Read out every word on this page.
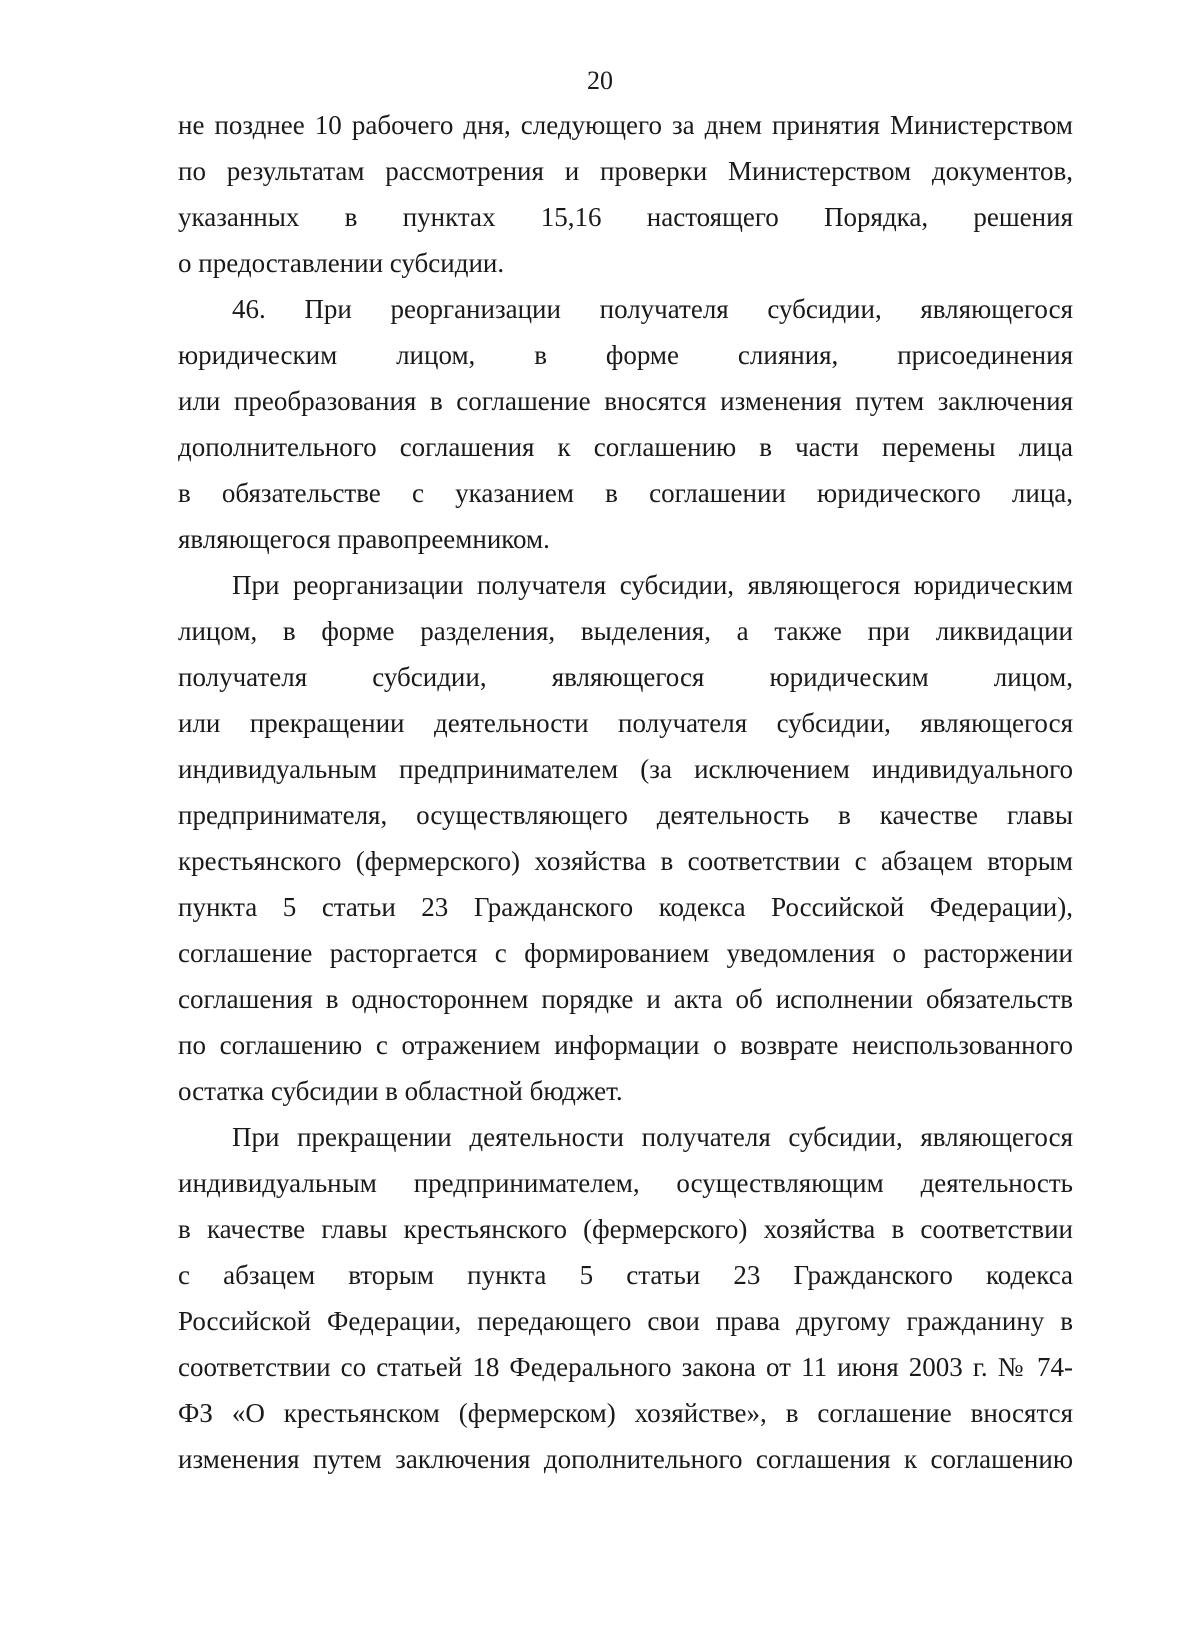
20
не позднее 10 рабочего дня, следующего за днем принятия Министерством
по результатам рассмотрения и проверки Министерством документов,
указанных в пунктах 15,16 настоящего Порядка, решения
о предоставлении субсидии.
46. При реорганизации получателя субсидии, являющегося
юридическим лицом, в форме слияния, присоединения
или преобразования в соглашение вносятся изменения путем заключения
дополнительного соглашения к соглашению в части перемены лица
в обязательстве с указанием в соглашении юридического лица,
являющегося правопреемником.
При реорганизации получателя субсидии, являющегося юридическим
лицом, в форме разделения, выделения, а также при ликвидации
получателя субсидии, являющегося юридическим лицом,
или прекращении деятельности получателя субсидии, являющегося
индивидуальным предпринимателем (за исключением индивидуального
предпринимателя, осуществляющего деятельность в качестве главы
крестьянского (фермерского) хозяйства в соответствии с абзацем вторым
пункта 5 статьи 23 Гражданского кодекса Российской Федерации),
соглашение расторгается с формированием уведомления о расторжении
соглашения в одностороннем порядке и акта об исполнении обязательств
по соглашению с отражением информации о возврате неиспользованного
остатка субсидии в областной бюджет.
При прекращении деятельности получателя субсидии, являющегося
индивидуальным предпринимателем, осуществляющим деятельность
в качестве главы крестьянского (фермерского) хозяйства в соответствии
с абзацем вторым пункта 5 статьи 23 Гражданского кодекса
Российской Федерации, передающего свои права другому гражданину в
соответствии со статьей 18 Федерального закона от 11 июня 2003 г. № 74-
ФЗ «О крестьянском (фермерском) хозяйстве», в соглашение вносятся
изменения путем заключения дополнительного соглашения к соглашению
